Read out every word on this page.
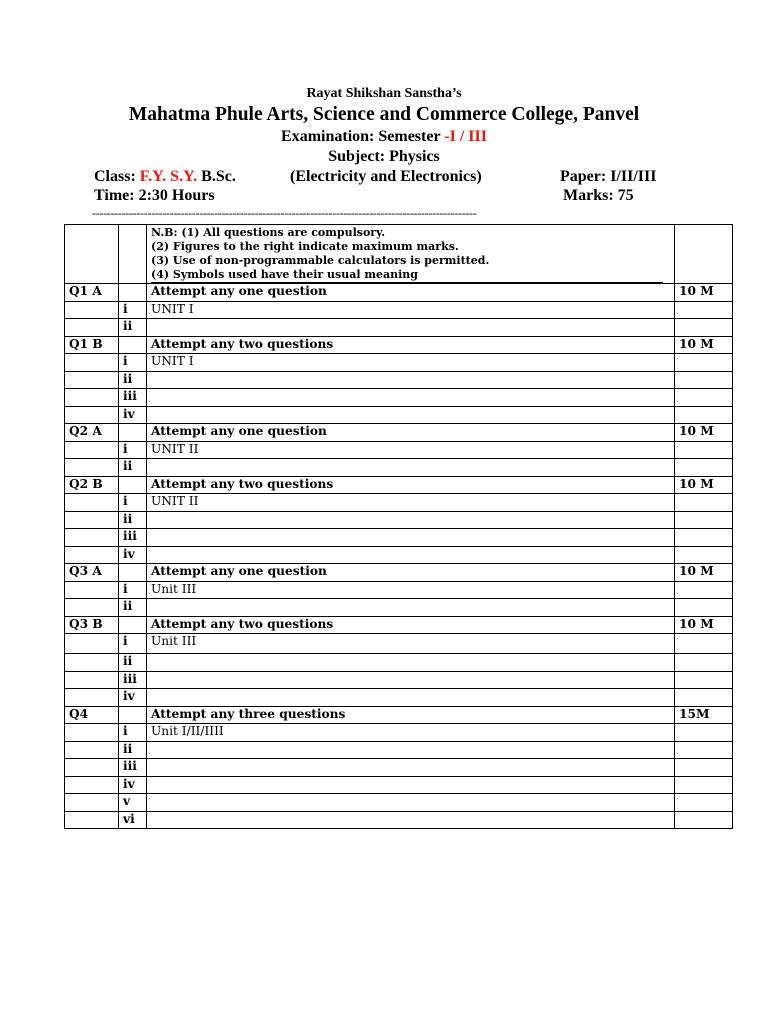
Rayat Shikshan Sanstha’s
Mahatma Phule Arts, Science and Commerce College, Panvel
Examination: Semester -I / III
Subject: Physics
Class: F.Y. S.Y. B.Sc.	(Electricity and Electronics)	Paper: I/II/III
Time: 2:30 Hours	Marks: 75
--------------------------------------------------------------------------------------------------------

		N.B: (1) All questions are compulsory.
(2) Figures to the right indicate maximum marks.
(3) Use of non-programmable calculators is permitted.
(4) Symbols used have their usual meaning	

Q1 A		Attempt any one question	10 M
	i	UNIT I	
	ii		
Q1 B		Attempt any two questions	10 M
	i	UNIT I	
	ii		
	iii		
	iv		
Q2 A		Attempt any one question	10 M
	i	UNIT II	
	ii		
Q2 B		Attempt any two questions	10 M
	i	UNIT II	
	ii		
	iii		
	iv		
Q3 A		Attempt any one question	10 M
	i	Unit III	
	ii		
Q3 B		Attempt any two questions	10 M
	i	Unit III	
	ii		
	iii		
	iv		
Q4		Attempt any three questions	15M
	i	Unit I/II/IIII	
	ii		
	iii		
	iv		
	v		
	vi		
